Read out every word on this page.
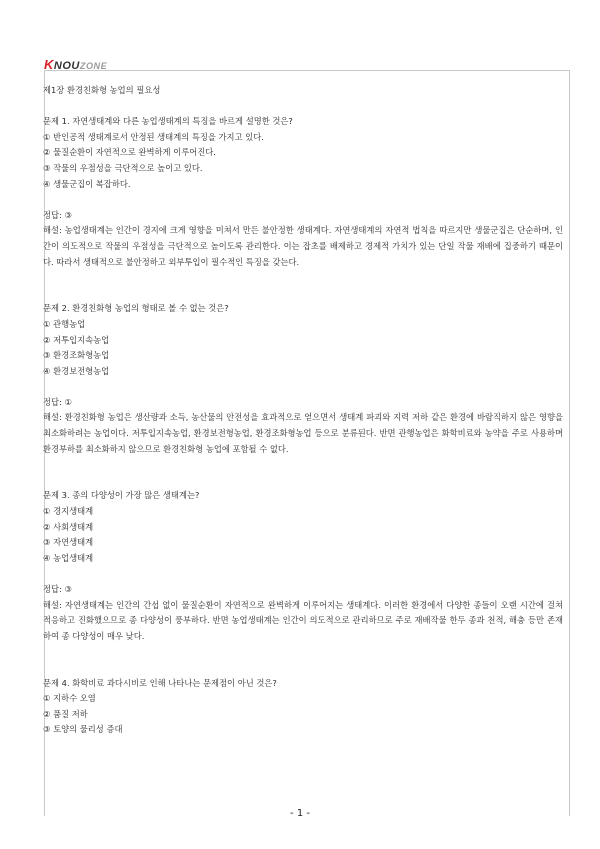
KNOUZONE

제1장 환경친화형 농업의 필요성

문제 1. 자연생태계와 다른 농업생태계의 특징을 바르게 설명한 것은?

① 반인공적 생태계로서 안정된 생태계의 특징을 가지고 있다.

② 물질순환이 자연적으로 완벽하게 이루어진다.

③ 작물의 우점성을 극단적으로 높이고 있다.

④ 생물군집이 복잡하다.

정답: ③

해설: 농업생태계는 인간이 경지에 크게 영향을 미쳐서 만든 불안정한 생태계다. 자연생태계의 자연적 법칙을 따르지만 생물군집은 단순하며, 인간이 의도적으로 작물의 우점성을 극단적으로 높이도록 관리한다. 이는 잡초를 배제하고 경제적 가치가 있는 단일 작물 재배에 집중하기 때문이다. 따라서 생태적으로 불안정하고 외부투입이 필수적인 특징을 갖는다.

문제 2. 환경친화형 농업의 형태로 볼 수 없는 것은?

① 관행농업

② 저투입지속농업

③ 환경조화형농업

④ 환경보전형농업

정답: ①

해설: 환경친화형 농업은 생산량과 소득, 농산물의 안전성을 효과적으로 얻으면서 생태계 파괴와 지력 저하 같은 환경에 바람직하지 않은 영향을 최소화하려는 농업이다. 저투입지속농업, 환경보전형농업, 환경조화형농업 등으로 분류된다. 반면 관행농업은 화학비료와 농약을 주로 사용하며 환경부하를 최소화하지 않으므로 환경친화형 농업에 포함될 수 없다.

문제 3. 종의 다양성이 가장 많은 생태계는?

① 경지생태계

② 사회생태계

③ 자연생태계

④ 농업생태계

정답: ③

해설: 자연생태계는 인간의 간섭 없이 물질순환이 자연적으로 완벽하게 이루어지는 생태계다. 이러한 환경에서 다양한 종들이 오랜 시간에 걸쳐 적응하고 진화했으므로 종 다양성이 풍부하다. 반면 농업생태계는 인간이 의도적으로 관리하므로 주로 재배작물 한두 종과 천적, 해충 등만 존재하여 종 다양성이 매우 낮다.

문제 4. 화학비료 과다시비로 인해 나타나는 문제점이 아닌 것은?

① 지하수 오염

② 품질 저하

③ 토양의 물리성 증대

- 1 -
